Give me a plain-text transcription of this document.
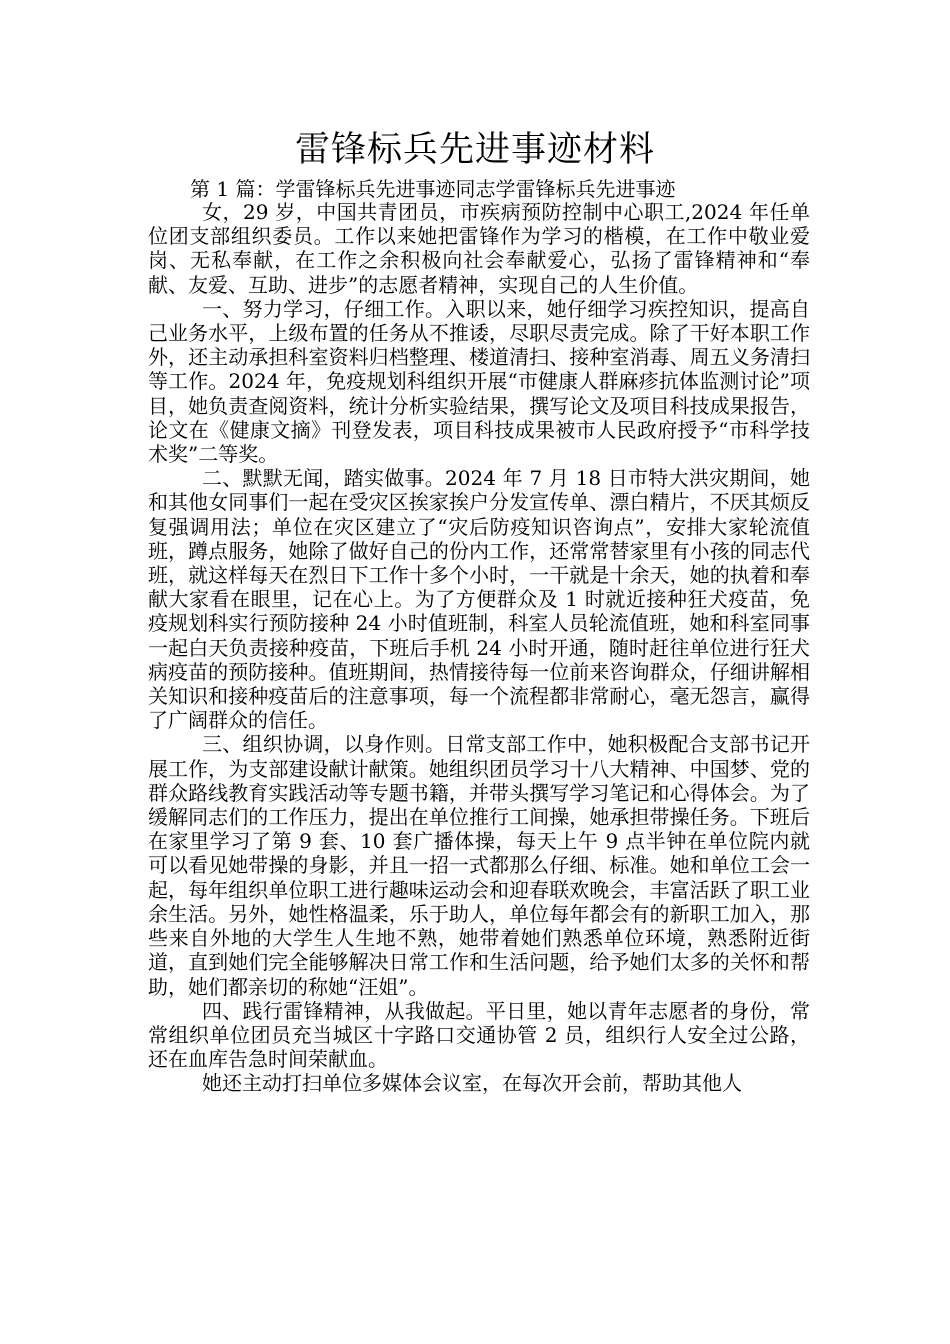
雷锋标兵先进事迹材料
第 1 篇：学雷锋标兵先进事迹同志学雷锋标兵先进事迹

女，29 岁，中国共青团员，市疾病预防控制中心职工,2024 年任单位团支部组织委员。工作以来她把雷锋作为学习的楷模，在工作中敬业爱岗、无私奉献，在工作之余积极向社会奉献爱心，弘扬了雷锋精神和“奉献、友爱、互助、进步”的志愿者精神，实现自己的人生价值。

一、努力学习，仔细工作。入职以来，她仔细学习疾控知识，提高自己业务水平，上级布置的任务从不推诿，尽职尽责完成。除了干好本职工作外，还主动承担科室资料归档整理、楼道清扫、接种室消毒、周五义务清扫等工作。2024 年，免疫规划科组织开展“市健康人群麻疹抗体监测讨论”项目，她负责查阅资料，统计分析实验结果，撰写论文及项目科技成果报告，论文在《健康文摘》刊登发表，项目科技成果被市人民政府授予“市科学技术奖”二等奖。

二、默默无闻，踏实做事。2024 年 7 月 18 日市特大洪灾期间，她和其他女同事们一起在受灾区挨家挨户分发宣传单、漂白精片，不厌其烦反复强调用法；单位在灾区建立了“灾后防疫知识咨询点”，安排大家轮流值班，蹲点服务，她除了做好自己的份内工作，还常常替家里有小孩的同志代班，就这样每天在烈日下工作十多个小时，一干就是十余天，她的执着和奉献大家看在眼里，记在心上。为了方便群众及 1 时就近接种狂犬疫苗，免疫规划科实行预防接种 24 小时值班制，科室人员轮流值班，她和科室同事一起白天负责接种疫苗，下班后手机 24 小时开通，随时赶往单位进行狂犬病疫苗的预防接种。值班期间，热情接待每一位前来咨询群众，仔细讲解相关知识和接种疫苗后的注意事项，每一个流程都非常耐心，毫无怨言，赢得了广阔群众的信任。

三、组织协调，以身作则。日常支部工作中，她积极配合支部书记开展工作，为支部建设献计献策。她组织团员学习十八大精神、中国梦、党的群众路线教育实践活动等专题书籍，并带头撰写学习笔记和心得体会。为了缓解同志们的工作压力，提出在单位推行工间操，她承担带操任务。下班后在家里学习了第 9 套、10 套广播体操，每天上午 9 点半钟在单位院内就可以看见她带操的身影，并且一招一式都那么仔细、标准。她和单位工会一起，每年组织单位职工进行趣味运动会和迎春联欢晚会，丰富活跃了职工业余生活。另外，她性格温柔，乐于助人，单位每年都会有的新职工加入，那些来自外地的大学生人生地不熟，她带着她们熟悉单位环境，熟悉附近街道，直到她们完全能够解决日常工作和生活问题，给予她们太多的关怀和帮助，她们都亲切的称她“汪姐”。

四、践行雷锋精神，从我做起。平日里，她以青年志愿者的身份，常常组织单位团员充当城区十字路口交通协管 2 员，组织行人安全过公路，还在血库告急时间荣献血。

她还主动打扫单位多媒体会议室，在每次开会前，帮助其他人
